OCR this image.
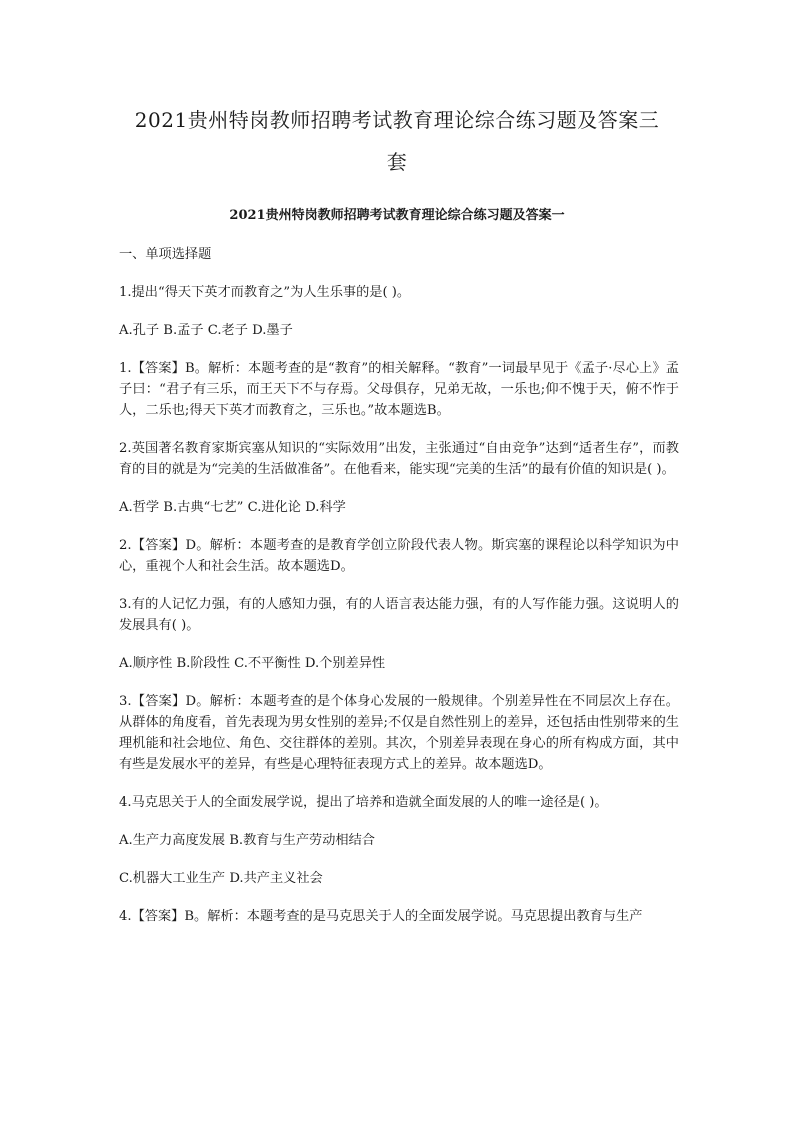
2021贵州特岗教师招聘考试教育理论综合练习题及答案三
套
2021贵州特岗教师招聘考试教育理论综合练习题及答案一

一、单项选择题

1.提出“得天下英才而教育之”为人生乐事的是( )。

A.孔子 B.孟子 C.老子 D.墨子

1.【答案】B。解析：本题考查的是“教育”的相关解释。“教育”一词最早见于《孟子·尽心上》孟子曰：“君子有三乐，而王天下不与存焉。父母俱存，兄弟无故，一乐也;仰不愧于天，俯不怍于人，二乐也;得天下英才而教育之，三乐也。”故本题选B。

2.英国著名教育家斯宾塞从知识的“实际效用”出发，主张通过“自由竞争”达到“适者生存”，而教育的目的就是为“完美的生活做准备”。在他看来，能实现“完美的生活”的最有价值的知识是( )。

A.哲学 B.古典“七艺” C.进化论 D.科学

2.【答案】D。解析：本题考查的是教育学创立阶段代表人物。斯宾塞的课程论以科学知识为中心，重视个人和社会生活。故本题选D。

3.有的人记忆力强，有的人感知力强，有的人语言表达能力强，有的人写作能力强。这说明人的发展具有( )。

A.顺序性 B.阶段性 C.不平衡性 D.个别差异性

3.【答案】D。解析：本题考查的是个体身心发展的一般规律。个别差异性在不同层次上存在。从群体的角度看，首先表现为男女性别的差异;不仅是自然性别上的差异，还包括由性别带来的生理机能和社会地位、角色、交往群体的差别。其次，个别差异表现在身心的所有构成方面，其中有些是发展水平的差异，有些是心理特征表现方式上的差异。故本题选D。

4.马克思关于人的全面发展学说，提出了培养和造就全面发展的人的唯一途径是( )。

A.生产力高度发展 B.教育与生产劳动相结合

C.机器大工业生产 D.共产主义社会

4.【答案】B。解析：本题考查的是马克思关于人的全面发展学说。马克思提出教育与生产
